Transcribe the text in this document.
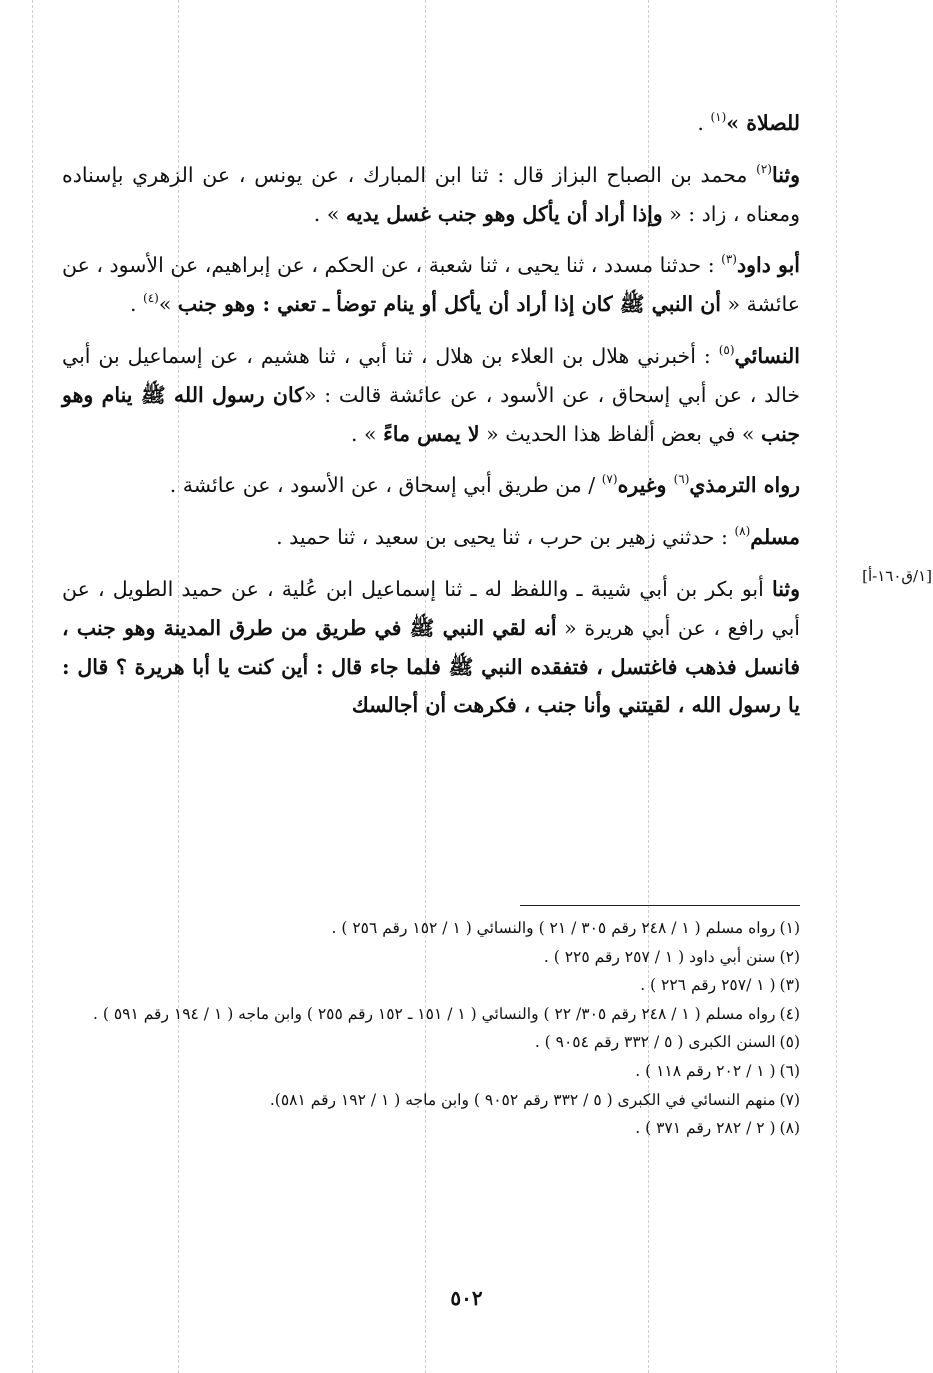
[١/ق١٦٠-أ]

للصلاة »$^{(١)}$ .

وثنا$^{(٢)}$ محمد بن الصباح البزاز قال : ثنا ابن المبارك ، عن يونس ، عن الزهري بإسناده ومعناه ، زاد : « وإذا أراد أن يأكل وهو جنب غسل يديه » .

أبو داود$^{(٣)}$ : حدثنا مسدد ، ثنا يحيى ، ثنا شعبة ، عن الحكم ، عن إبراهيم، عن الأسود ، عن عائشة « أن النبي ﷺ كان إذا أراد أن يأكل أو ينام توضأ ـ تعني : وهو جنب »$^{(٤)}$ .

النسائي$^{(٥)}$ : أخبرني هلال بن العلاء بن هلال ، ثنا أبي ، ثنا هشيم ، عن إسماعيل بن أبي خالد ، عن أبي إسحاق ، عن الأسود ، عن عائشة قالت : «كان رسول الله ﷺ ينام وهو جنب » في بعض ألفاظ هذا الحديث « لا يمس ماءً » .

رواه الترمذي$^{(٦)}$ وغيره$^{(٧)}$ / من طريق أبي إسحاق ، عن الأسود ، عن عائشة .

مسلم$^{(٨)}$ : حدثني زهير بن حرب ، ثنا يحيى بن سعيد ، ثنا حميد .

وثنا أبو بكر بن أبي شيبة ـ واللفظ له ـ ثنا إسماعيل ابن عُلية ، عن حميد الطويل ، عن أبي رافع ، عن أبي هريرة « أنه لقي النبي ﷺ في طريق من طرق المدينة وهو جنب ، فانسل فذهب فاغتسل ، فتفقده النبي ﷺ فلما جاء قال : أين كنت يا أبا هريرة ؟ قال : يا رسول الله ، لقيتني وأنا جنب ، فكرهت أن أجالسك

(١)رواه مسلم ( ١ / ٢٤٨ رقم ٣٠٥ / ٢١ ) والنسائي ( ١ / ١٥٢ رقم ٢٥٦ ) .

(٢)سنن أبي داود ( ١ / ٢٥٧ رقم ٢٢٥ ) .

(٣)( ١ /٢٥٧ رقم ٢٢٦ ) .

(٤)رواه مسلم ( ١ / ٢٤٨ رقم ٣٠٥/ ٢٢ ) والنسائي ( ١ / ١٥١ ـ ١٥٢ رقم ٢٥٥ ) وابن ماجه ( ١ / ١٩٤ رقم ٥٩١ ) .

(٥)السنن الكبرى ( ٥ / ٣٣٢ رقم ٩٠٥٤ ) .

(٦)( ١ / ٢٠٢ رقم ١١٨ ) .

(٧)منهم النسائي في الكبرى ( ٥ / ٣٣٢ رقم ٩٠٥٢ ) وابن ماجه ( ١ / ١٩٢ رقم ٥٨١).

(٨)( ٢ / ٢٨٢ رقم ٣٧١ ) .

٥٠٢
